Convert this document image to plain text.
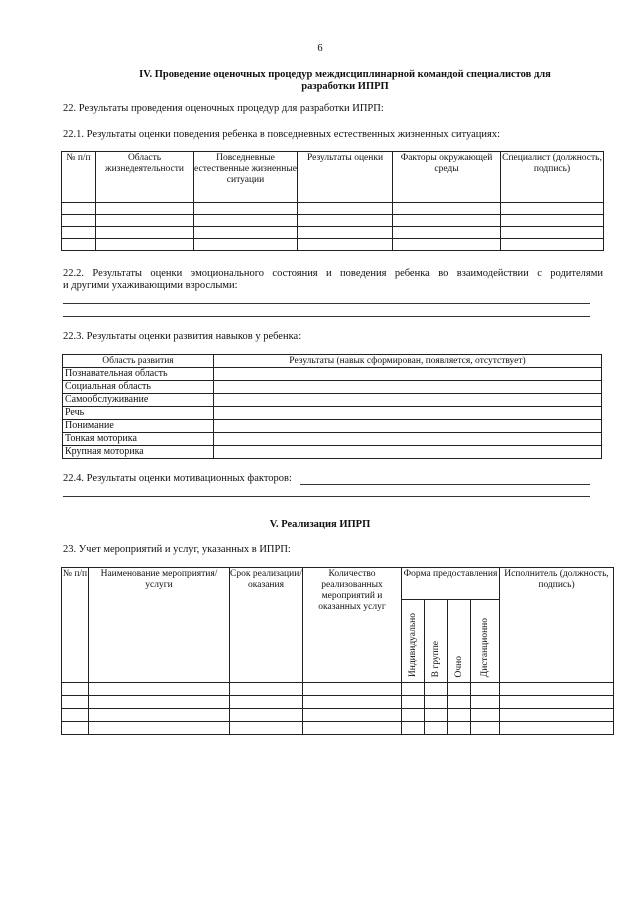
6
IV. Проведение оценочных процедур междисциплинарной командой специалистов для
разработки ИПРП
22. Результаты проведения оценочных процедур для разработки ИПРП:
22.1. Результаты оценки поведения ребенка в повседневных естественных жизненных ситуациях:
№ п/п	Область жизнедеятельности	Повседневные естественные жизненные ситуации	Результаты оценки	Факторы окружающей среды	Специалист (должность, подпись)

22.2. Результаты оценки эмоционального состояния и поведения ребенка во взаимодействии с родителями
и другими ухаживающими взрослыми:
22.3. Результаты оценки развития навыков у ребенка:
Область развития	Результаты (навык сформирован, появляется, отсутствует)
Познавательная область	
Социальная область	
Самообслуживание	
Речь	
Понимание	
Тонкая моторика	
Крупная моторика	
22.4. Результаты оценки мотивационных факторов:
V. Реализация ИПРП
23. Учет мероприятий и услуг, указанных в ИПРП:
№ п/п	Наименование мероприятия/услуги	Срок реализации/ оказания	Количество реализованных мероприятий и оказанных услуг	Форма предоставления				Исполнитель (должность, подпись)
				Индивидуально	В группе	Очно	Дистанционно	
